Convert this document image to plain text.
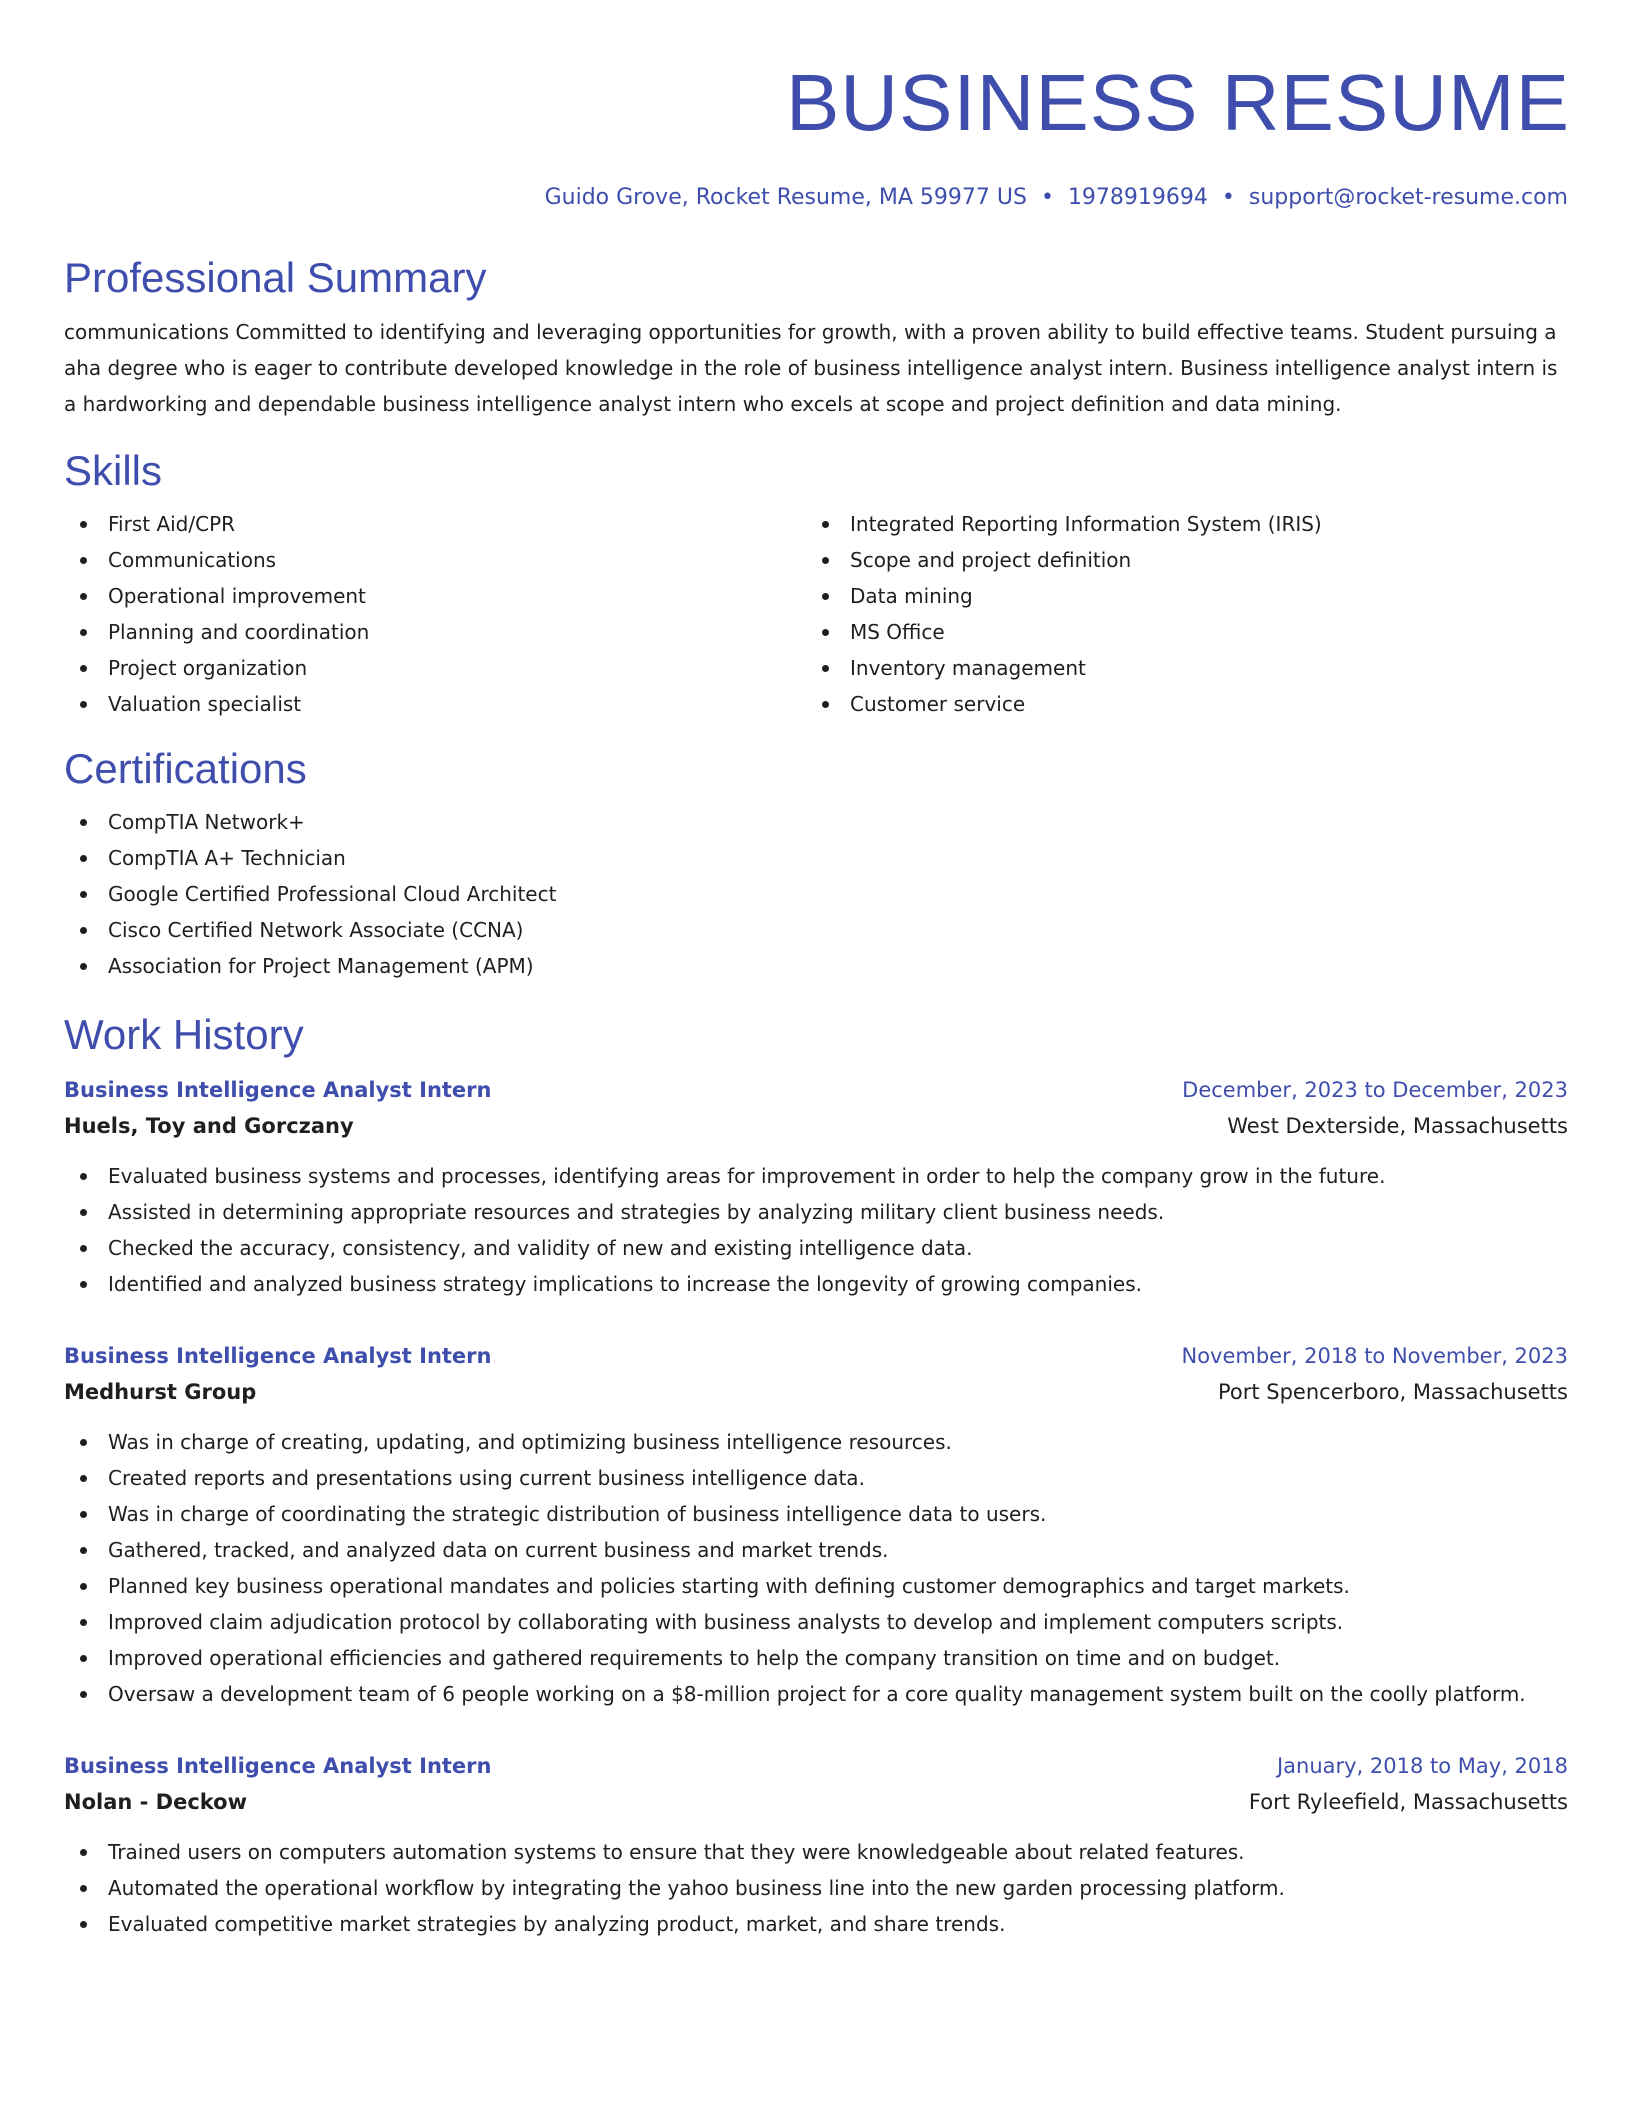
BUSINESS RESUME
Guido Grove, Rocket Resume, MA 59977 US • 1978919694 • support@rocket-resume.com
Professional Summary

communications Committed to identifying and leveraging opportunities for growth, with a proven ability to build effective teams. Student pursuing a aha degree who is eager to contribute developed knowledge in the role of business intelligence analyst intern. Business intelligence analyst intern is a hardworking and dependable business intelligence analyst intern who excels at scope and project definition and data mining.

Skills
First Aid/CPR
Communications
Operational improvement
Planning and coordination
Project organization
Valuation specialist
Integrated Reporting Information System (IRIS)
Scope and project definition
Data mining
MS Office
Inventory management
Customer service
Certifications
CompTIA Network+
CompTIA A+ Technician
Google Certified Professional Cloud Architect
Cisco Certified Network Associate (CCNA)
Association for Project Management (APM)
Work History
Business Intelligence Analyst Intern	December, 2023 to December, 2023
Huels, Toy and Gorczany	West Dexterside, Massachusetts
Evaluated business systems and processes, identifying areas for improvement in order to help the company grow in the future.
Assisted in determining appropriate resources and strategies by analyzing military client business needs.
Checked the accuracy, consistency, and validity of new and existing intelligence data.
Identified and analyzed business strategy implications to increase the longevity of growing companies.
Business Intelligence Analyst Intern	November, 2018 to November, 2023
Medhurst Group	Port Spencerboro, Massachusetts
Was in charge of creating, updating, and optimizing business intelligence resources.
Created reports and presentations using current business intelligence data.
Was in charge of coordinating the strategic distribution of business intelligence data to users.
Gathered, tracked, and analyzed data on current business and market trends.
Planned key business operational mandates and policies starting with defining customer demographics and target markets.
Improved claim adjudication protocol by collaborating with business analysts to develop and implement computers scripts.
Improved operational efficiencies and gathered requirements to help the company transition on time and on budget.
Oversaw a development team of 6 people working on a $8-million project for a core quality management system built on the coolly platform.
Business Intelligence Analyst Intern	January, 2018 to May, 2018
Nolan - Deckow	Fort Ryleefield, Massachusetts
Trained users on computers automation systems to ensure that they were knowledgeable about related features.
Automated the operational workflow by integrating the yahoo business line into the new garden processing platform.
Evaluated competitive market strategies by analyzing product, market, and share trends.
